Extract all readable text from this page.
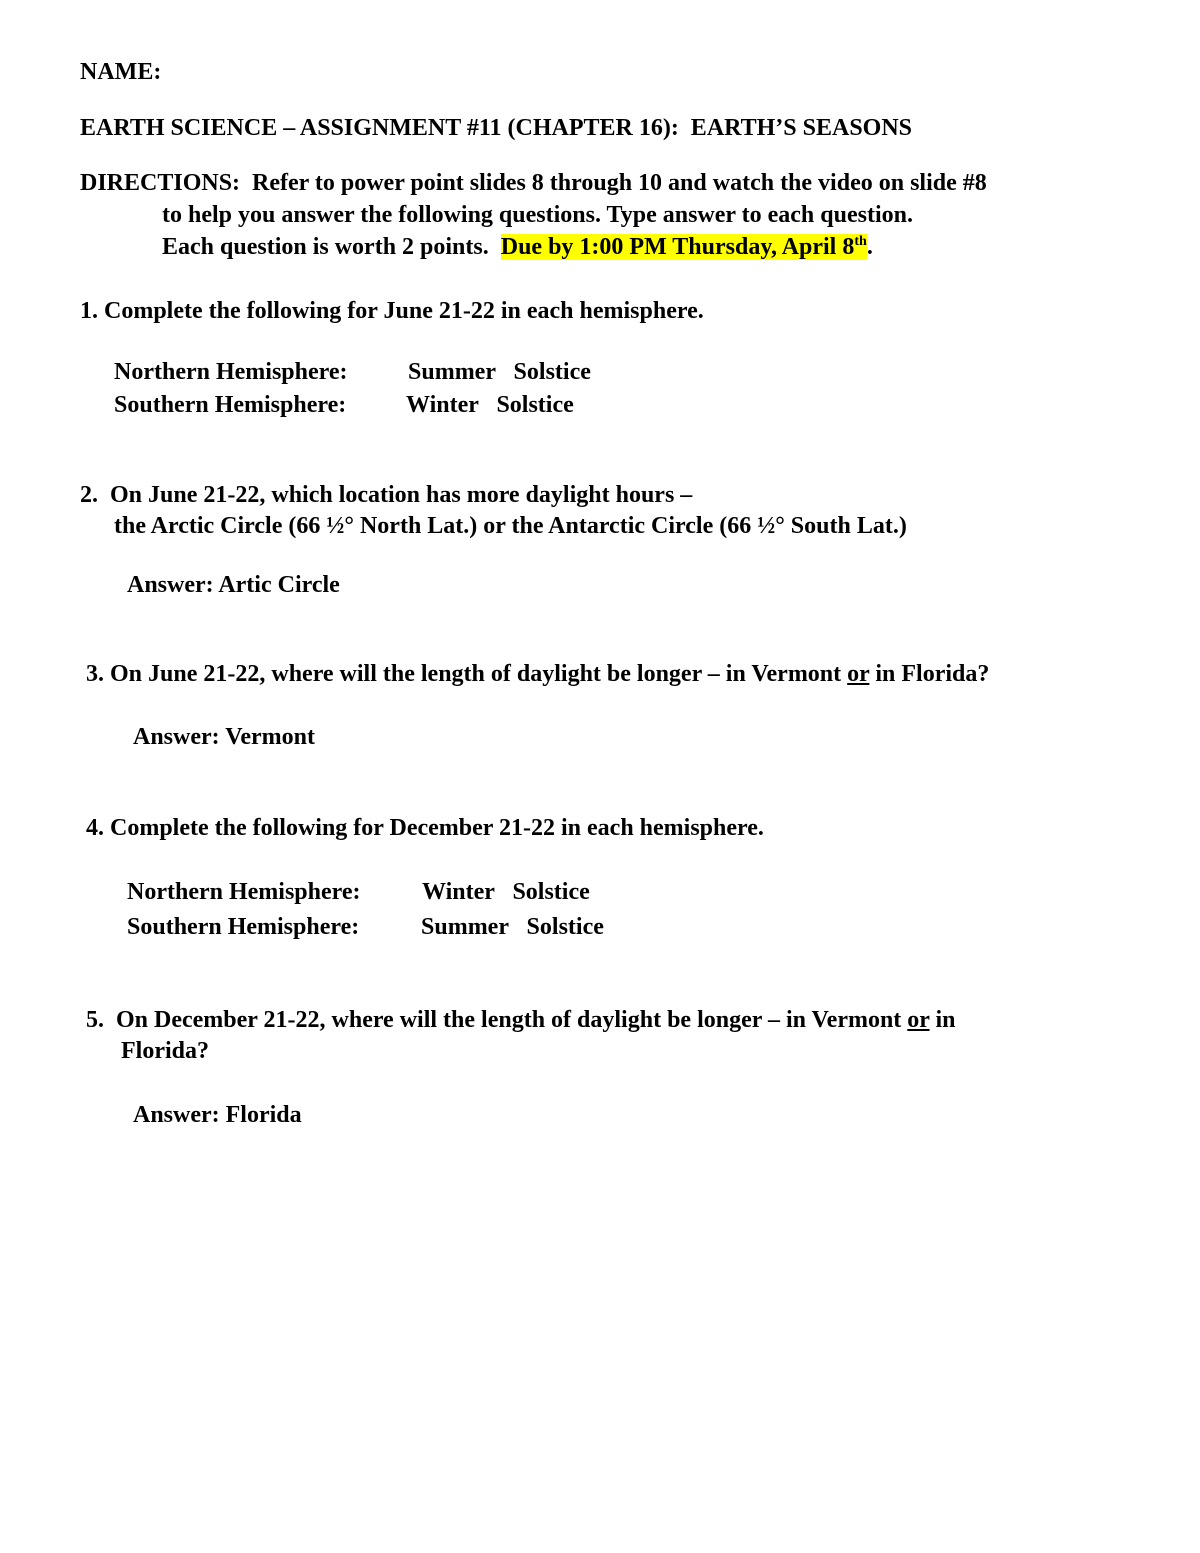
NAME:
EARTH SCIENCE – ASSIGNMENT #11 (CHAPTER 16):  EARTH’S SEASONS
DIRECTIONS:  Refer to power point slides 8 through 10 and watch the video on slide #8
to help you answer the following questions. Type answer to each question.
Each question is worth 2 points.  Due by 1:00 PM Thursday, April 8th.
1. Complete the following for June 21-22 in each hemisphere.
Northern Hemisphere:	Summer   Solstice
Southern Hemisphere: Winter   Solstice
2. On June 21-22, which location has more daylight hours –
the Arctic Circle (66 ½° North Lat.) or the Antarctic Circle (66 ½° South Lat.)
Answer: Artic Circle
3. On June 21-22, where will the length of daylight be longer – in Vermont or in Florida?
Answer: Vermont
4. Complete the following for December 21-22 in each hemisphere.
Northern Hemisphere:	Winter   Solstice
Southern Hemisphere:	Summer   Solstice
5. On December 21-22, where will the length of daylight be longer – in Vermont or in
Florida?
Answer: Florida
